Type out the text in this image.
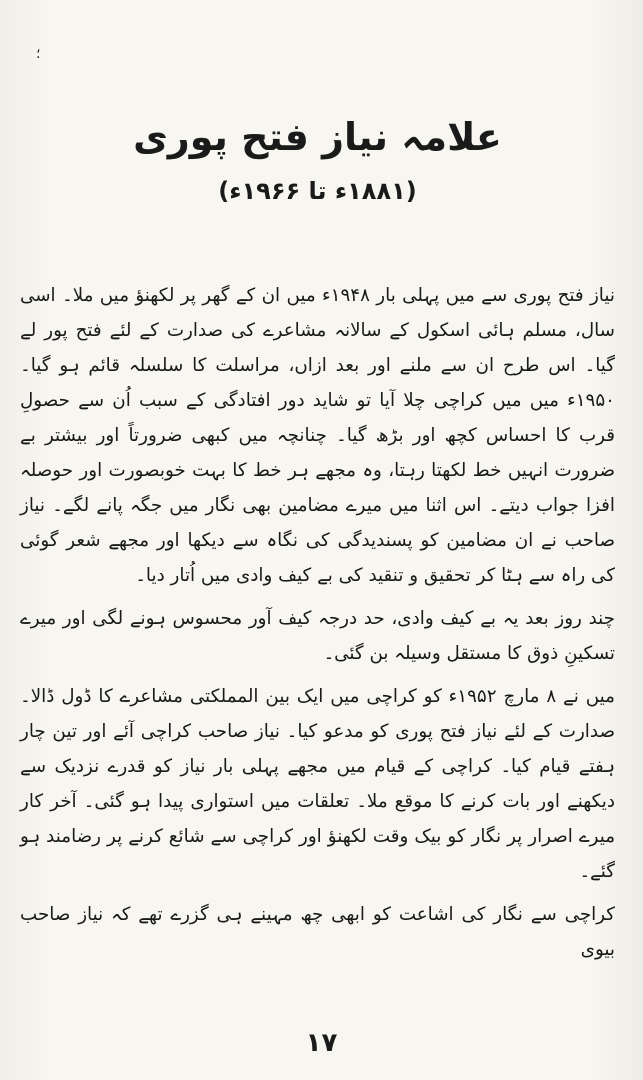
؛
علامہ نیاز فتح پوری
(۱۸۸۱ء تا ۱۹۶۶ء)

نیاز فتح پوری سے میں پہلی بار ۱۹۴۸ء میں ان کے گھر پر لکھنؤ میں ملا۔ اسی سال، مسلم ہائی اسکول کے سالانہ مشاعرے کی صدارت کے لئے فتح پور لے گیا۔ اس طرح ان سے ملنے اور بعد ازاں، مراسلت کا سلسلہ قائم ہو گیا۔ ۱۹۵۰ء میں میں کراچی چلا آیا تو شاید دور افتادگی کے سبب اُن سے حصولِ قرب کا احساس کچھ اور بڑھ گیا۔ چنانچہ میں کبھی ضرورتاً اور بیشتر بے ضرورت انہیں خط لکھتا رہتا، وہ مجھے ہر خط کا بہت خوبصورت اور حوصلہ افزا جواب دیتے۔ اس اثنا میں میرے مضامین بھی نگار میں جگہ پانے لگے۔ نیاز صاحب نے ان مضامین کو پسندیدگی کی نگاہ سے دیکھا اور مجھے شعر گوئی کی راہ سے ہٹا کر تحقیق و تنقید کی بے کیف وادی میں اُتار دیا۔

چند روز بعد یہ بے کیف وادی، حد درجہ کیف آور محسوس ہونے لگی اور میرے تسکینِ ذوق کا مستقل وسیلہ بن گئی۔

میں نے ۸ مارچ ۱۹۵۲ء کو کراچی میں ایک بین المملکتی مشاعرے کا ڈول ڈالا۔ صدارت کے لئے نیاز فتح پوری کو مدعو کیا۔ نیاز صاحب کراچی آئے اور تین چار ہفتے قیام کیا۔ کراچی کے قیام میں مجھے پہلی بار نیاز کو قدرے نزدیک سے دیکھنے اور بات کرنے کا موقع ملا۔ تعلقات میں استواری پیدا ہو گئی۔ آخر کار میرے اصرار پر نگار کو بیک وقت لکھنؤ اور کراچی سے شائع کرنے پر رضامند ہو گئے۔

کراچی سے نگار کی اشاعت کو ابھی چھ مہینے ہی گزرے تھے کہ نیاز صاحب بیوی

۱۷
